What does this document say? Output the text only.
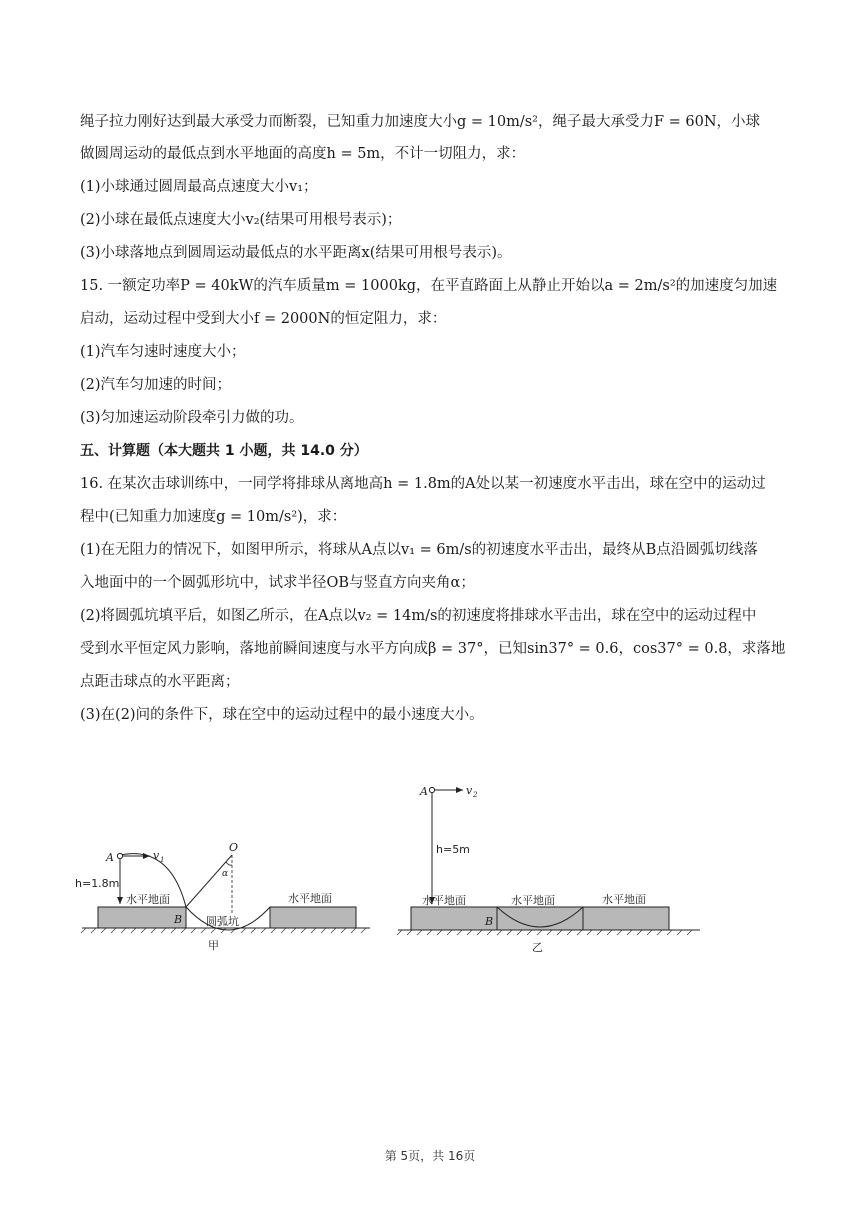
绳子拉力刚好达到最大承受力而断裂，已知重力加速度大小g = 10m/s²，绳子最大承受力F = 60N，小球
做圆周运动的最低点到水平地面的高度h = 5m，不计一切阻力，求：
(1)小球通过圆周最高点速度大小v₁；
(2)小球在最低点速度大小v₂(结果可用根号表示)；
(3)小球落地点到圆周运动最低点的水平距离x(结果可用根号表示)。
15. 一额定功率P = 40kW的汽车质量m = 1000kg，在平直路面上从静止开始以a = 2m/s²的加速度匀加速
启动，运动过程中受到大小f = 2000N的恒定阻力，求：
(1)汽车匀速时速度大小；
(2)汽车匀加速的时间；
(3)匀加速运动阶段牵引力做的功。
五、计算题（本大题共 1 小题，共 14.0 分）
16. 在某次击球训练中，一同学将排球从离地高h = 1.8m的A处以某一初速度水平击出，球在空中的运动过
程中(已知重力加速度g = 10m/s²)，求：
(1)在无阻力的情况下，如图甲所示，将球从A点以v₁ = 6m/s的初速度水平击出，最终从B点沿圆弧切线落
入地面中的一个圆弧形坑中，试求半径OB与竖直方向夹角α；
(2)将圆弧坑填平后，如图乙所示，在A点以v₂ = 14m/s的初速度将排球水平击出，球在空中的运动过程中
受到水平恒定风力影响，落地前瞬间速度与水平方向成β = 37°，已知sin37° = 0.6，cos37° = 0.8，求落地
点距击球点的水平距离；
(3)在(2)问的条件下，球在空中的运动过程中的最小速度大小。
A	v 1
h=1.8m
水平地面
B
O
α
圆弧坑
水平地面
甲
A	v 2
h=5m
水平地面
B
水平地面	水平地面
乙
第 5页，共 16页
